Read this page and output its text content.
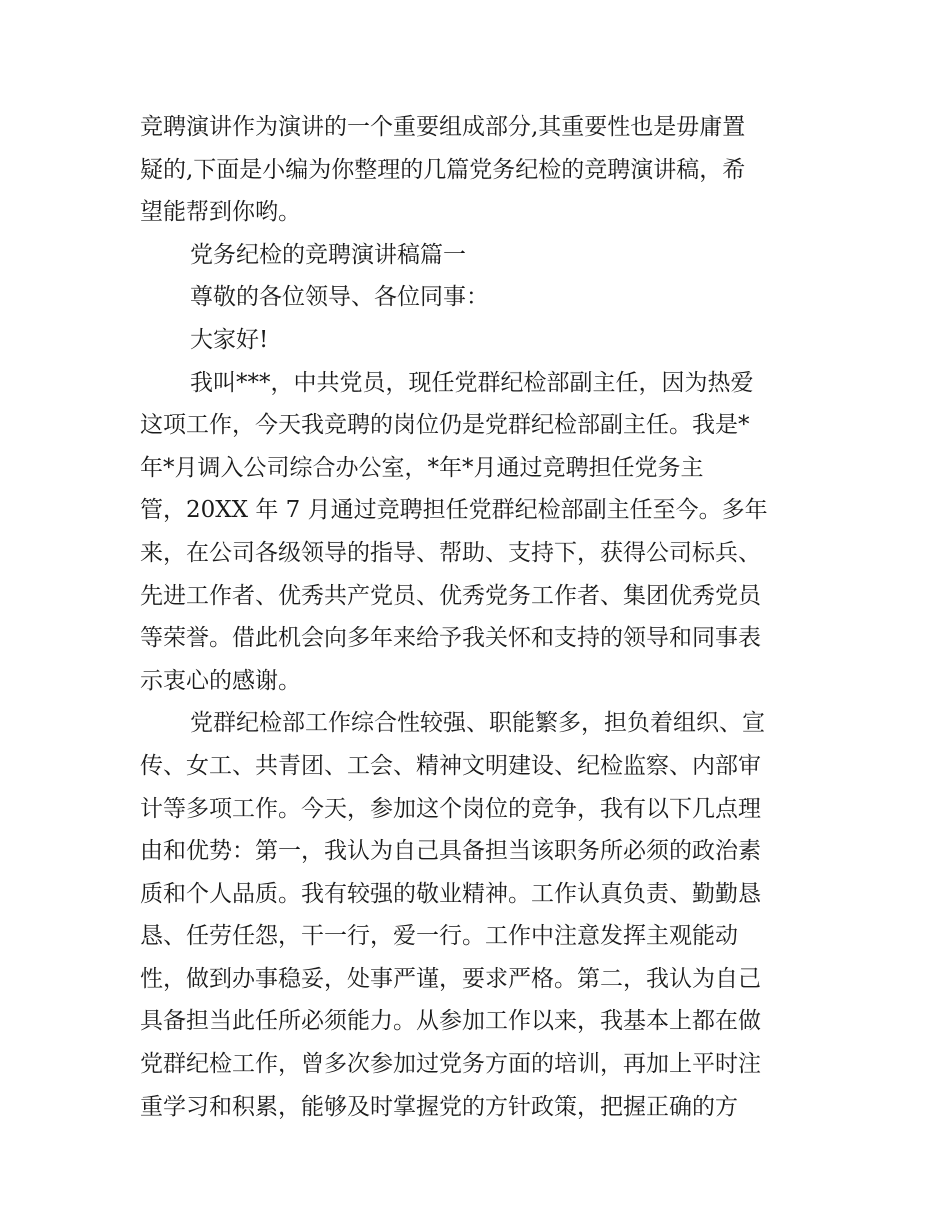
竞聘演讲作为演讲的一个重要组成部分,其重要性也是毋庸置
疑的,下面是小编为你整理的几篇党务纪检的竞聘演讲稿，希
望能帮到你哟。
党务纪检的竞聘演讲稿篇一
尊敬的各位领导、各位同事：
大家好!
我叫***，中共党员，现任党群纪检部副主任，因为热爱
这项工作，今天我竞聘的岗位仍是党群纪检部副主任。我是*
年*月调入公司综合办公室，*年*月通过竞聘担任党务主
管，20XX 年 7 月通过竞聘担任党群纪检部副主任至今。多年
来，在公司各级领导的指导、帮助、支持下，获得公司标兵、
先进工作者、优秀共产党员、优秀党务工作者、集团优秀党员
等荣誉。借此机会向多年来给予我关怀和支持的领导和同事表
示衷心的感谢。
党群纪检部工作综合性较强、职能繁多，担负着组织、宣
传、女工、共青团、工会、精神文明建设、纪检监察、内部审
计等多项工作。今天，参加这个岗位的竞争，我有以下几点理
由和优势：第一，我认为自己具备担当该职务所必须的政治素
质和个人品质。我有较强的敬业精神。工作认真负责、勤勤恳
恳、任劳任怨，干一行，爱一行。工作中注意发挥主观能动
性，做到办事稳妥，处事严谨，要求严格。第二，我认为自己
具备担当此任所必须能力。从参加工作以来，我基本上都在做
党群纪检工作，曾多次参加过党务方面的培训，再加上平时注
重学习和积累，能够及时掌握党的方针政策，把握正确的方
